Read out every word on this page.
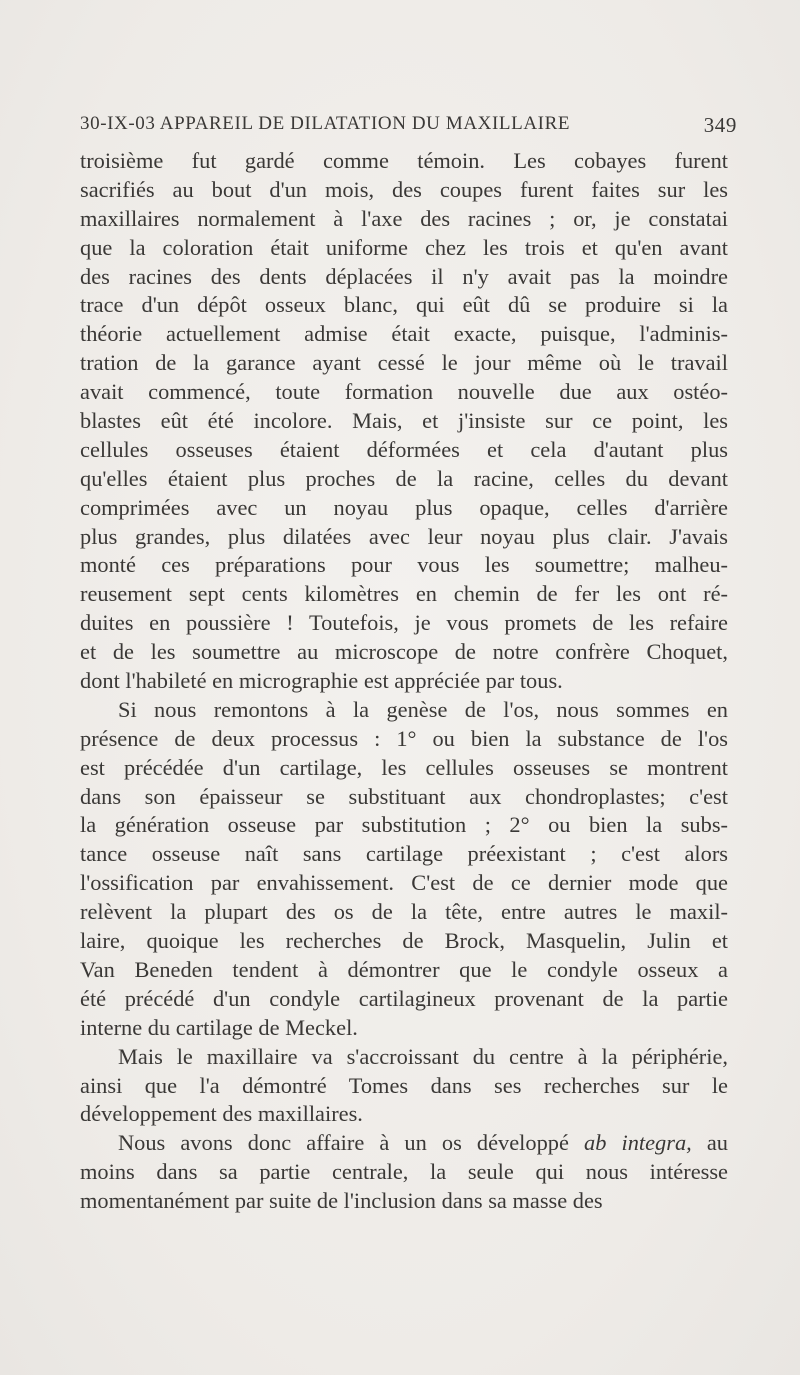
30-IX-03 APPAREIL DE DILATATION DU MAXILLAIRE	349
troisième fut gardé comme témoin. Les cobayes furent
sacrifiés au bout d'un mois, des coupes furent faites sur les
maxillaires normalement à l'axe des racines ; or, je constatai
que la coloration était uniforme chez les trois et qu'en avant
des racines des dents déplacées il n'y avait pas la moindre
trace d'un dépôt osseux blanc, qui eût dû se produire si la
théorie actuellement admise était exacte, puisque, l'adminis-
tration de la garance ayant cessé le jour même où le travail
avait commencé, toute formation nouvelle due aux ostéo-
blastes eût été incolore. Mais, et j'insiste sur ce point, les
cellules osseuses étaient déformées et cela d'autant plus
qu'elles étaient plus proches de la racine, celles du devant
comprimées avec un noyau plus opaque, celles d'arrière
plus grandes, plus dilatées avec leur noyau plus clair. J'avais
monté ces préparations pour vous les soumettre; malheu-
reusement sept cents kilomètres en chemin de fer les ont ré-
duites en poussière ! Toutefois, je vous promets de les refaire
et de les soumettre au microscope de notre confrère Choquet,
dont l'habileté en micrographie est appréciée par tous.
Si nous remontons à la genèse de l'os, nous sommes en
présence de deux processus : 1° ou bien la substance de l'os
est précédée d'un cartilage, les cellules osseuses se montrent
dans son épaisseur se substituant aux chondroplastes; c'est
la génération osseuse par substitution ; 2° ou bien la subs-
tance osseuse naît sans cartilage préexistant ; c'est alors
l'ossification par envahissement. C'est de ce dernier mode que
relèvent la plupart des os de la tête, entre autres le maxil-
laire, quoique les recherches de Brock, Masquelin, Julin et
Van Beneden tendent à démontrer que le condyle osseux a
été précédé d'un condyle cartilagineux provenant de la partie
interne du cartilage de Meckel.
Mais le maxillaire va s'accroissant du centre à la périphérie,
ainsi que l'a démontré Tomes dans ses recherches sur le
développement des maxillaires.
Nous avons donc affaire à un os développé ab integra, au
moins dans sa partie centrale, la seule qui nous intéresse
momentanément par suite de l'inclusion dans sa masse des
